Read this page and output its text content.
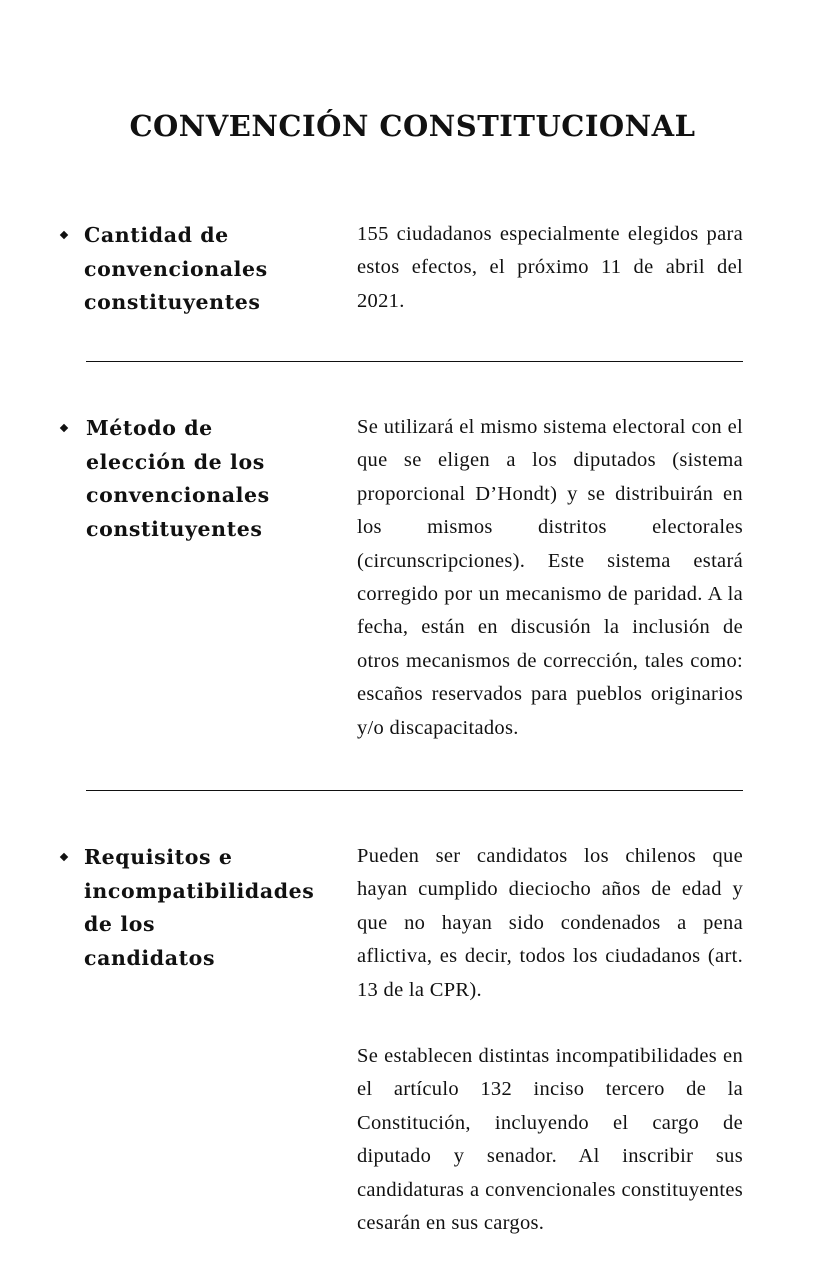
CONVENCIÓN CONSTITUCIONAL
Cantidad de convencionales constituyentes

155 ciudadanos especialmente elegidos para estos efectos, el próximo 11 de abril del 2021.

Método de elección de los convencionales constituyentes

Se utilizará el mismo sistema electoral con el que se eligen a los diputados (sistema proporcional D’Hondt) y se distribuirán en los mismos distritos electorales (circunscripciones). Este sistema estará corregido por un mecanismo de paridad. A la fecha, están en discusión la inclusión de otros mecanismos de corrección, tales como: escaños reservados para pueblos originarios y/o discapacitados.

Requisitos e incompatibilidades de los candidatos

Pueden ser candidatos los chilenos que hayan cumplido dieciocho años de edad y que no hayan sido condenados a pena aflictiva, es decir, todos los ciudadanos (art. 13 de la CPR).

Se establecen distintas incompatibilidades en el artículo 132 inciso tercero de la Constitución, incluyendo el cargo de diputado y senador. Al inscribir sus candidaturas a convencionales constituyentes cesarán en sus cargos.
